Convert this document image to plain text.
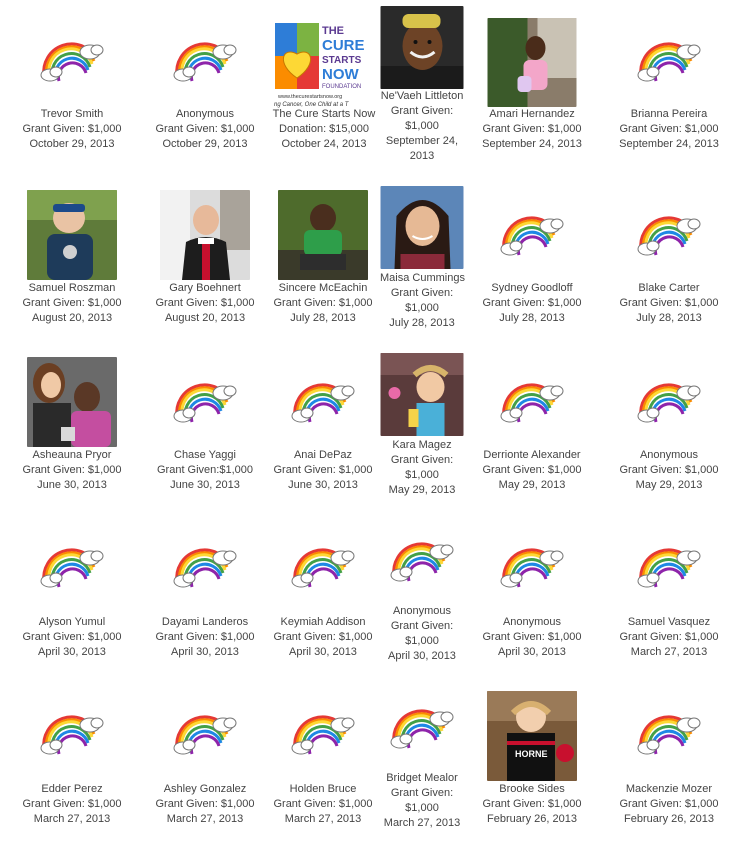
Trevor Smith
Grant Given: $1,000
October 29, 2013
Anonymous
Grant Given: $1,000
October 29, 2013
THE
CURE
STARTS
NOW
FOUNDATION
www.thecurestartsnow.org
ng Cancer, One Child at a T
The Cure Starts Now
Donation: $15,000
October 24, 2013
Ne'Vaeh Littleton
Grant Given:
$1,000
September 24,
2013
Amari Hernandez
Grant Given: $1,000
September 24, 2013
Brianna Pereira
Grant Given: $1,000
September 24, 2013
Samuel Roszman
Grant Given: $1,000
August 20, 2013
Gary Boehnert
Grant Given: $1,000
August 20, 2013
Sincere McEachin
Grant Given: $1,000
July 28, 2013
Maisa Cummings
Grant Given:
$1,000
July 28, 2013
Sydney Goodloff
Grant Given: $1,000
July 28, 2013
Blake Carter
Grant Given: $1,000
July 28, 2013
Asheauna Pryor
Grant Given: $1,000
June 30, 2013
Chase Yaggi
Grant Given:$1,000
June 30, 2013
Anai DePaz
Grant Given: $1,000
June 30, 2013
Kara Magez
Grant Given:
$1,000
May 29, 2013
Derrionte Alexander
Grant Given: $1,000
May 29, 2013
Anonymous
Grant Given: $1,000
May 29, 2013
Alyson Yumul
Grant Given: $1,000
April 30, 2013
Dayami Landeros
Grant Given: $1,000
April 30, 2013
Keymiah Addison
Grant Given: $1,000
April 30, 2013
Anonymous
Grant Given:
$1,000
April 30, 2013
Anonymous
Grant Given: $1,000
April 30, 2013
Samuel Vasquez
Grant Given: $1,000
March 27, 2013
Edder Perez
Grant Given: $1,000
March 27, 2013
Ashley Gonzalez
Grant Given: $1,000
March 27, 2013
Holden Bruce
Grant Given: $1,000
March 27, 2013
Bridget Mealor
Grant Given:
$1,000
March 27, 2013
HORNE
Brooke Sides
Grant Given: $1,000
February 26, 2013
Mackenzie Mozer
Grant Given: $1,000
February 26, 2013
